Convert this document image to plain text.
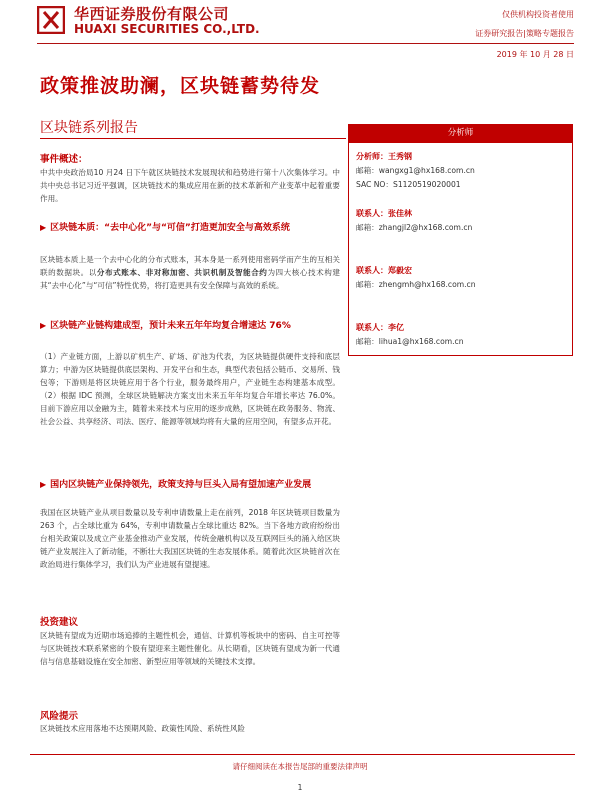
华西证券股份有限公司
HUAXI SECURITIES CO.,LTD.
仅供机构投资者使用
证券研究报告|策略专题报告
2019 年 10 月 28 日
政策推波助澜，区块链蓄势待发
区块链系列报告
事件概述：
中共中央政治局10 月24 日下午就区块链技术发展现状和趋势进行第十八次集体学习。中共中央总书记习近平强调，区块链技术的集成应用在新的技术革新和产业变革中起着重要作用。
▶ 区块链本质：“去中心化”与“可信”打造更加安全与高效系统
区块链本质上是一个去中心化的分布式账本，其本身是一系列使用密码学而产生的互相关联的数据块。以分布式账本、非对称加密、共识机制及智能合约为四大核心技术构建其“去中心化”与“可信”特性优势，将打造更具有安全保障与高效的系统。
▶ 区块链产业链构建成型，预计未来五年年均复合增速达 76%
（1）产业链方面，上游以矿机生产、矿场、矿池为代表，为区块链提供硬件支持和底层算力；中游为区块链提供底层架构、开发平台和生态，典型代表包括公链币、交易所、钱包等；下游则是将区块链应用于各个行业，服务最终用户，产业链生态构建基本成型。（2）根据 IDC 预测，全球区块链解决方案支出未来五年年均复合年增长率达 76.0%。目前下游应用以金融为主，随着未来技术与应用的逐步成熟，区块链在政务服务、物流、社会公益、共享经济、司法、医疗、能源等领域均将有大量的应用空间，有望多点开花。
▶ 国内区块链产业保持领先，政策支持与巨头入局有望加速产业发展
我国在区块链产业从项目数量以及专利申请数量上走在前列，2018 年区块链项目数量为 263 个，占全球比重为 64%，专利申请数量占全球比重达 82%。当下各地方政府纷纷出台相关政策以及成立产业基金推动产业发展，传统金融机构以及互联网巨头的涌入给区块链产业发展注入了新动能，不断壮大我国区块链的生态发展体系。随着此次区块链首次在政治局进行集体学习，我们认为产业进展有望提速。
投资建议
区块链有望成为近期市场追捧的主题性机会，通信、计算机等板块中的密码、自主可控等与区块链技术联系紧密的个股有望迎来主题性催化。从长期看，区块链有望成为新一代通信与信息基础设施在安全加密、新型应用等领域的关键技术支撑。
风险提示
区块链技术应用落地不达预期风险、政策性风险、系统性风险
分析师
分析师：王秀钢
邮箱：wangxg1@hx168.com.cn
SAC NO：S1120519020001
联系人：张佳林
邮箱：zhangjl2@hx168.com.cn
联系人：郑毅宏
邮箱：zhengmh@hx168.com.cn
联系人：李亿
邮箱：lihua1@hx168.com.cn
请仔细阅读在本报告尾部的重要法律声明
1
